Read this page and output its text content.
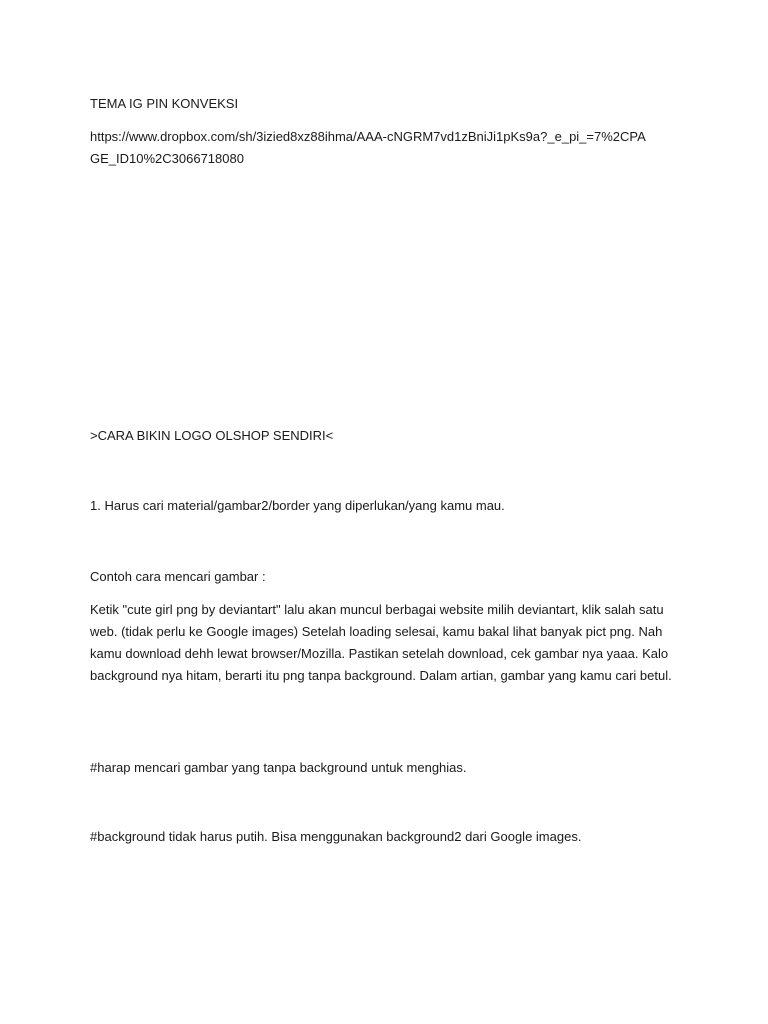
TEMA IG PIN KONVEKSI

https://www.dropbox.com/sh/3izied8xz88ihma/AAA-cNGRM7vd1zBniJi1pKs9a?_e_pi_=7%2CPAGE_ID10%2C3066718080

>CARA BIKIN LOGO OLSHOP SENDIRI<

1. Harus cari material/gambar2/border yang diperlukan/yang kamu mau.

Contoh cara mencari gambar :

Ketik "cute girl png by deviantart" lalu akan muncul berbagai website milih deviantart, klik salah satu web. (tidak perlu ke Google images) Setelah loading selesai, kamu bakal lihat banyak pict png. Nah kamu download dehh lewat browser/Mozilla. Pastikan setelah download, cek gambar nya yaaa. Kalo background nya hitam, berarti itu png tanpa background. Dalam artian, gambar yang kamu cari betul.

#harap mencari gambar yang tanpa background untuk menghias.

#background tidak harus putih. Bisa menggunakan background2 dari Google images.
